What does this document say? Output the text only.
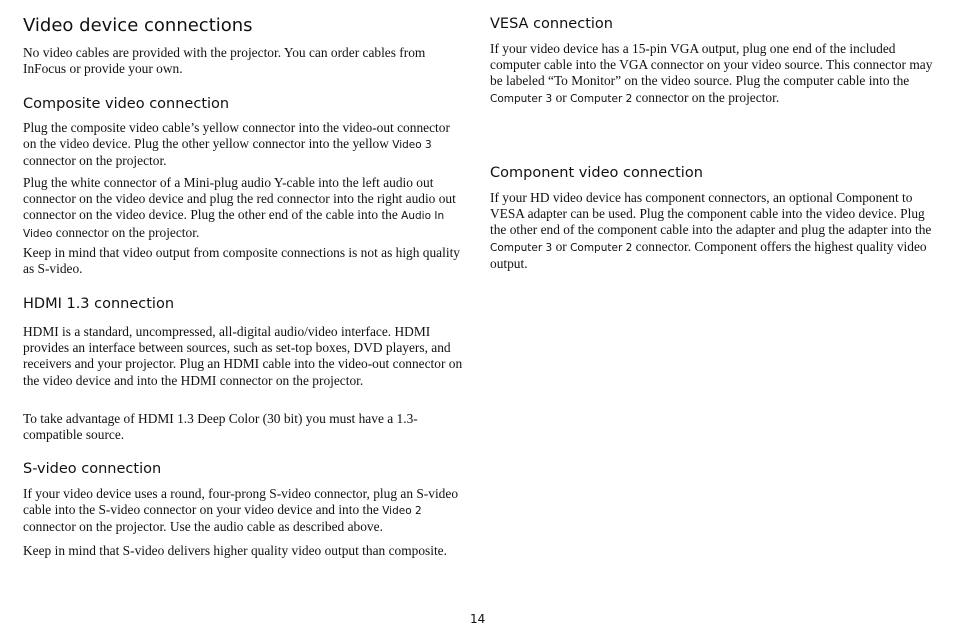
Video device connections

No video cables are provided with the projector. You can order cables from InFocus or provide your own.

Composite video connection

Plug the composite video cable’s yellow connector into the video-out connector on the video device. Plug the other yellow connector into the yellow Video 3 connector on the projector.

Plug the white connector of a Mini-plug audio Y-cable into the left audio out connector on the video device and plug the red connector into the right audio out connector on the video device. Plug the other end of the cable into the Audio In Video connector on the projector.

Keep in mind that video output from composite connections is not as high quality as S-video.

HDMI 1.3 connection

HDMI is a standard, uncompressed, all-digital audio/video interface. HDMI provides an interface between sources, such as set-top boxes, DVD players, and receivers and your projector. Plug an HDMI cable into the video-out connector on the video device and into the HDMI connector on the projector.

To take advantage of HDMI 1.3 Deep Color (30 bit) you must have a 1.3-compatible source.

S-video connection

If your video device uses a round, four-prong S-video connector, plug an S-video cable into the S-video connector on your video device and into the Video 2 connector on the projector. Use the audio cable as described above.

Keep in mind that S-video delivers higher quality video output than composite.

VESA connection

If your video device has a 15-pin VGA output, plug one end of the included computer cable into the VGA connector on your video source. This connector may be labeled “To Monitor” on the video source. Plug the computer cable into the Computer 3 or Computer 2 connector on the projector.

Component video connection

If your HD video device has component connectors, an optional Component to VESA adapter can be used. Plug the component cable into the video device. Plug the other end of the component cable into the adapter and plug the adapter into the Computer 3 or Computer 2 connector. Component offers the highest quality video output.

14
